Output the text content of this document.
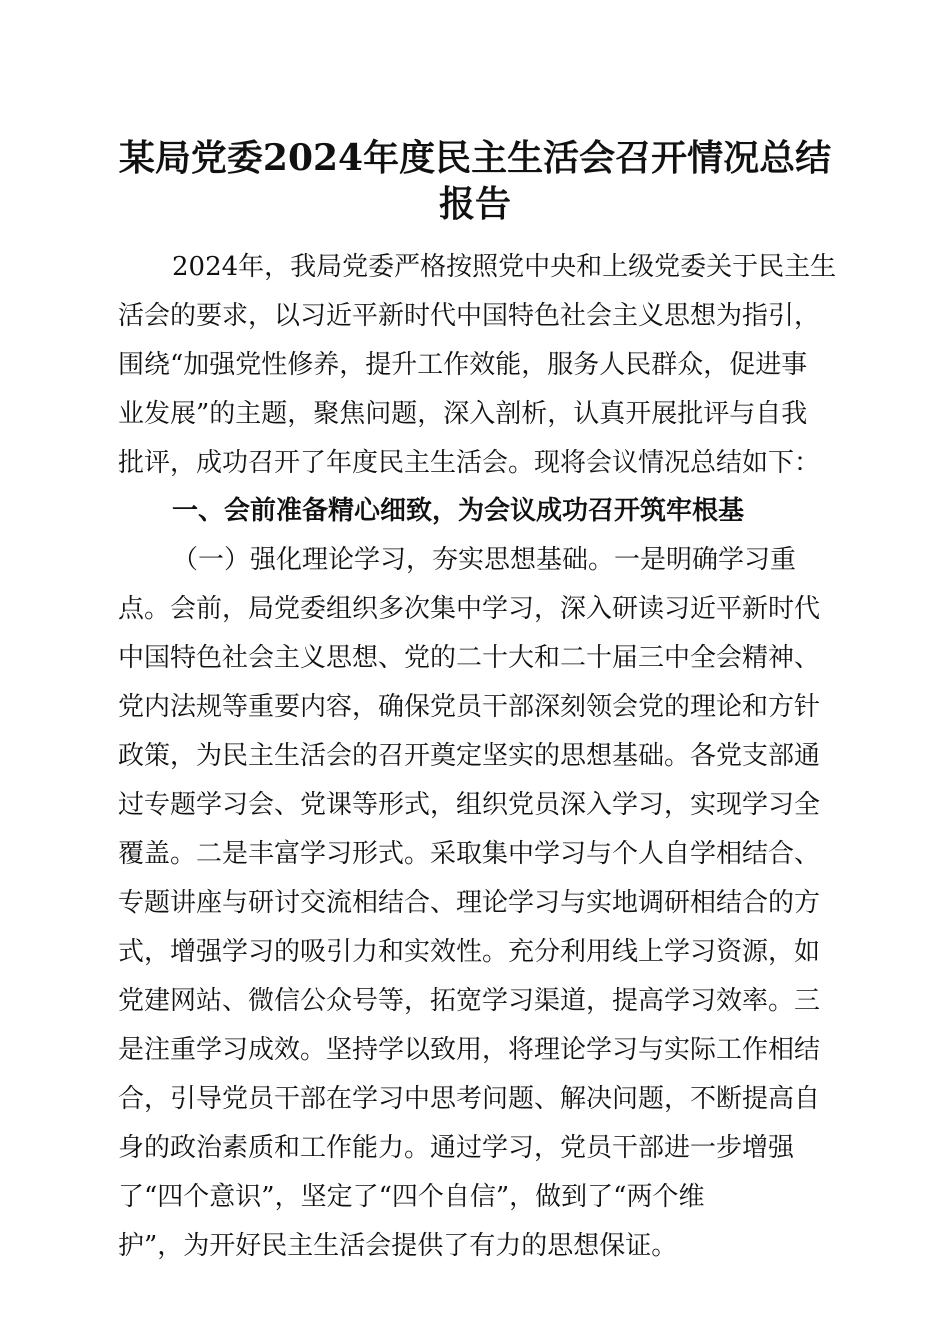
某局党委2024年度民主生活会召开情况总结
报告

2024年，我局党委严格按照党中央和上级党委关于民主生

活会的要求，以习近平新时代中国特色社会主义思想为指引，

围绕“加强党性修养，提升工作效能，服务人民群众，促进事

业发展”的主题，聚焦问题，深入剖析，认真开展批评与自我

批评，成功召开了年度民主生活会。现将会议情况总结如下：

一、会前准备精心细致，为会议成功召开筑牢根基

（一）强化理论学习，夯实思想基础。一是明确学习重

点。会前，局党委组织多次集中学习，深入研读习近平新时代

中国特色社会主义思想、党的二十大和二十届三中全会精神、

党内法规等重要内容，确保党员干部深刻领会党的理论和方针

政策，为民主生活会的召开奠定坚实的思想基础。各党支部通

过专题学习会、党课等形式，组织党员深入学习，实现学习全

覆盖。二是丰富学习形式。采取集中学习与个人自学相结合、

专题讲座与研讨交流相结合、理论学习与实地调研相结合的方

式，增强学习的吸引力和实效性。充分利用线上学习资源，如

党建网站、微信公众号等，拓宽学习渠道，提高学习效率。三

是注重学习成效。坚持学以致用，将理论学习与实际工作相结

合，引导党员干部在学习中思考问题、解决问题，不断提高自

身的政治素质和工作能力。通过学习，党员干部进一步增强

了“四个意识”，坚定了“四个自信”，做到了“两个维

护”，为开好民主生活会提供了有力的思想保证。
